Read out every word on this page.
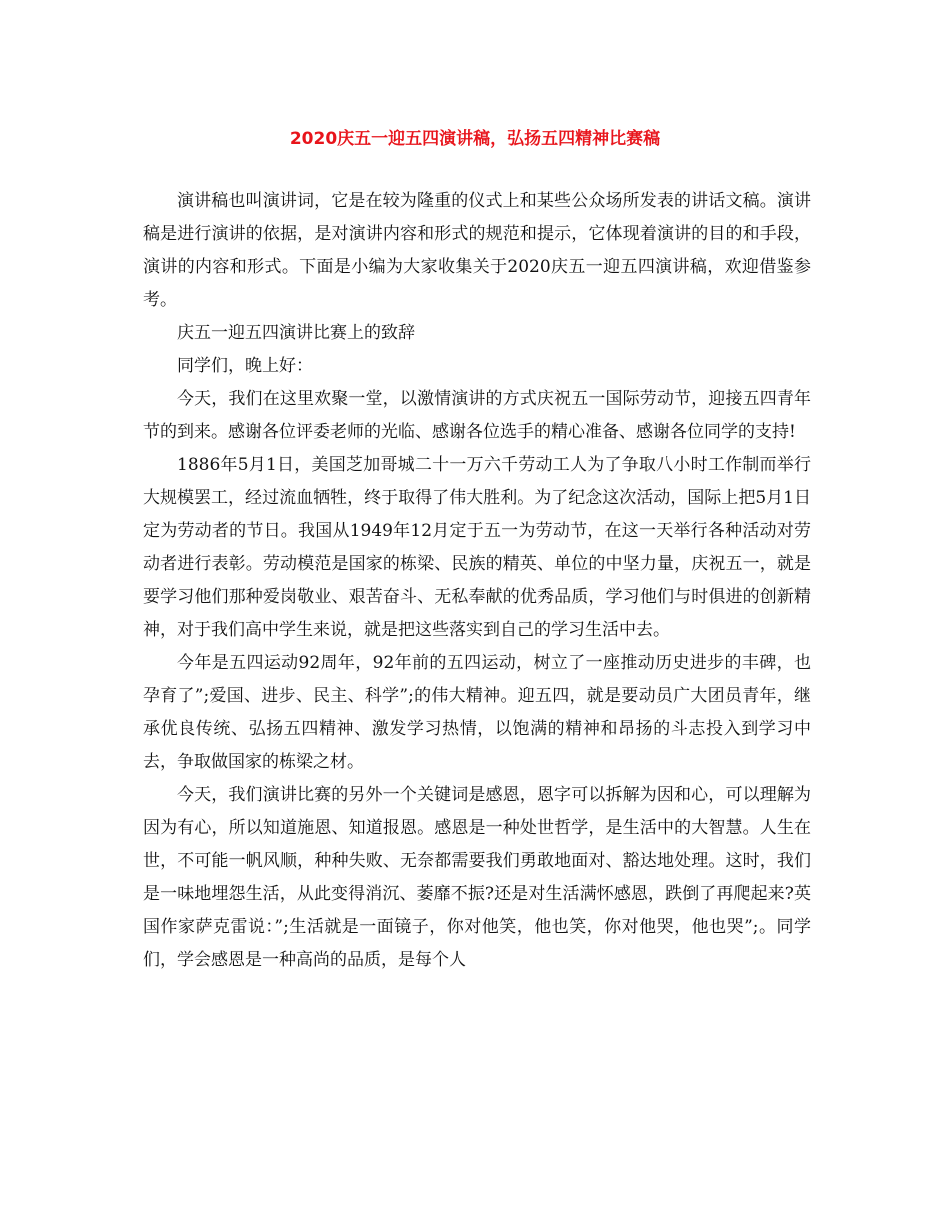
2020庆五一迎五四演讲稿，弘扬五四精神比赛稿

演讲稿也叫演讲词，它是在较为隆重的仪式上和某些公众场所发表的讲话文稿。演讲稿是进行演讲的依据，是对演讲内容和形式的规范和提示，它体现着演讲的目的和手段，演讲的内容和形式。下面是小编为大家收集关于2020庆五一迎五四演讲稿，欢迎借鉴参考。

庆五一迎五四演讲比赛上的致辞

同学们，晚上好：

今天，我们在这里欢聚一堂，以激情演讲的方式庆祝五一国际劳动节，迎接五四青年节的到来。感谢各位评委老师的光临、感谢各位选手的精心准备、感谢各位同学的支持!

1886年5月1日，美国芝加哥城二十一万六千劳动工人为了争取八小时工作制而举行大规模罢工，经过流血牺牲，终于取得了伟大胜利。为了纪念这次活动，国际上把5月1日定为劳动者的节日。我国从1949年12月定于五一为劳动节，在这一天举行各种活动对劳动者进行表彰。劳动模范是国家的栋梁、民族的精英、单位的中坚力量，庆祝五一，就是要学习他们那种爱岗敬业、艰苦奋斗、无私奉献的优秀品质，学习他们与时俱进的创新精神，对于我们高中学生来说，就是把这些落实到自己的学习生活中去。

今年是五四运动92周年，92年前的五四运动，树立了一座推动历史进步的丰碑，也孕育了”;爱国、进步、民主、科学”;的伟大精神。迎五四，就是要动员广大团员青年，继承优良传统、弘扬五四精神、激发学习热情，以饱满的精神和昂扬的斗志投入到学习中去，争取做国家的栋梁之材。

今天，我们演讲比赛的另外一个关键词是感恩，恩字可以拆解为因和心，可以理解为因为有心，所以知道施恩、知道报恩。感恩是一种处世哲学，是生活中的大智慧。人生在世，不可能一帆风顺，种种失败、无奈都需要我们勇敢地面对、豁达地处理。这时，我们是一味地埋怨生活，从此变得消沉、萎靡不振?还是对生活满怀感恩，跌倒了再爬起来?英国作家萨克雷说：”;生活就是一面镜子，你对他笑，他也笑，你对他哭，他也哭”;。同学们，学会感恩是一种高尚的品质，是每个人
